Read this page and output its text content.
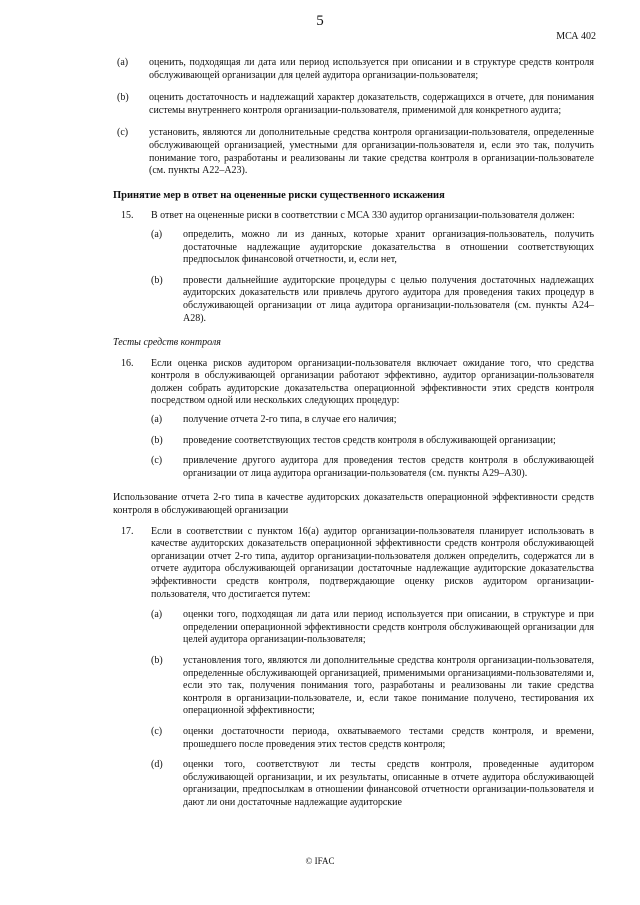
5
МСА 402
(a)	оценить, подходящая ли дата или период используется при описании и в структуре средств контроля обслуживающей организации для целей аудитора организации-пользователя;
(b)	оценить достаточность и надлежащий характер доказательств, содержащихся в отчете, для понимания системы внутреннего контроля организации-пользователя, применимой для конкретного аудита;
(c)	установить, являются ли дополнительные средства контроля организации-пользователя, определенные обслуживающей организацией, уместными для организации-пользователя и, если это так, получить понимание того, разработаны и реализованы ли такие средства контроля в организации-пользователе (см. пункты A22–A23).
Принятие мер в ответ на оцененные риски существенного искажения
15.	В ответ на оцененные риски в соответствии с МСА 330 аудитор организации-пользователя должен:
(a)	определить, можно ли из данных, которые хранит организация-пользователь, получить достаточные надлежащие аудиторские доказательства в отношении соответствующих предпосылок финансовой отчетности, и, если нет,
(b)	провести дальнейшие аудиторские процедуры с целью получения достаточных надлежащих аудиторских доказательств или привлечь другого аудитора для проведения таких процедур в обслуживающей организации от лица аудитора организации-пользователя (см. пункты A24–A28).
Тесты средств контроля
16.	Если оценка рисков аудитором организации-пользователя включает ожидание того, что средства контроля в обслуживающей организации работают эффективно, аудитор организации-пользователя должен собрать аудиторские доказательства операционной эффективности этих средств контроля посредством одной или нескольких следующих процедур:
(a)	получение отчета 2-го типа, в случае его наличия;
(b)	проведение соответствующих тестов средств контроля в обслуживающей организации;
(c)	привлечение другого аудитора для проведения тестов средств контроля в обслуживающей организации от лица аудитора организации-пользователя (см. пункты A29–A30).
Использование отчета 2-го типа в качестве аудиторских доказательств операционной эффективности средств контроля в обслуживающей организации
17.	Если в соответствии с пунктом 16(a) аудитор организации-пользователя планирует использовать в качестве аудиторских доказательств операционной эффективности средств контроля обслуживающей организации отчет 2-го типа, аудитор организации-пользователя должен определить, содержатся ли в отчете аудитора обслуживающей организации достаточные надлежащие аудиторские доказательства эффективности средств контроля, подтверждающие оценку рисков аудитором организации-пользователя, что достигается путем:
(a)	оценки того, подходящая ли дата или период используется при описании, в структуре и при определении операционной эффективности средств контроля обслуживающей организации для целей аудитора организации-пользователя;
(b)	установления того, являются ли дополнительные средства контроля организации-пользователя, определенные обслуживающей организацией, применимыми организациями-пользователями и, если это так, получения понимания того, разработаны и реализованы ли такие средства контроля в организации-пользователе, и, если такое понимание получено, тестирования их операционной эффективности;
(c)	оценки достаточности периода, охватываемого тестами средств контроля, и времени, прошедшего после проведения этих тестов средств контроля;
(d)	оценки того, соответствуют ли тесты средств контроля, проведенные аудитором обслуживающей организации, и их результаты, описанные в отчете аудитора обслуживающей организации, предпосылкам в отношении финансовой отчетности организации-пользователя и дают ли они достаточные надлежащие аудиторские
© IFAC
